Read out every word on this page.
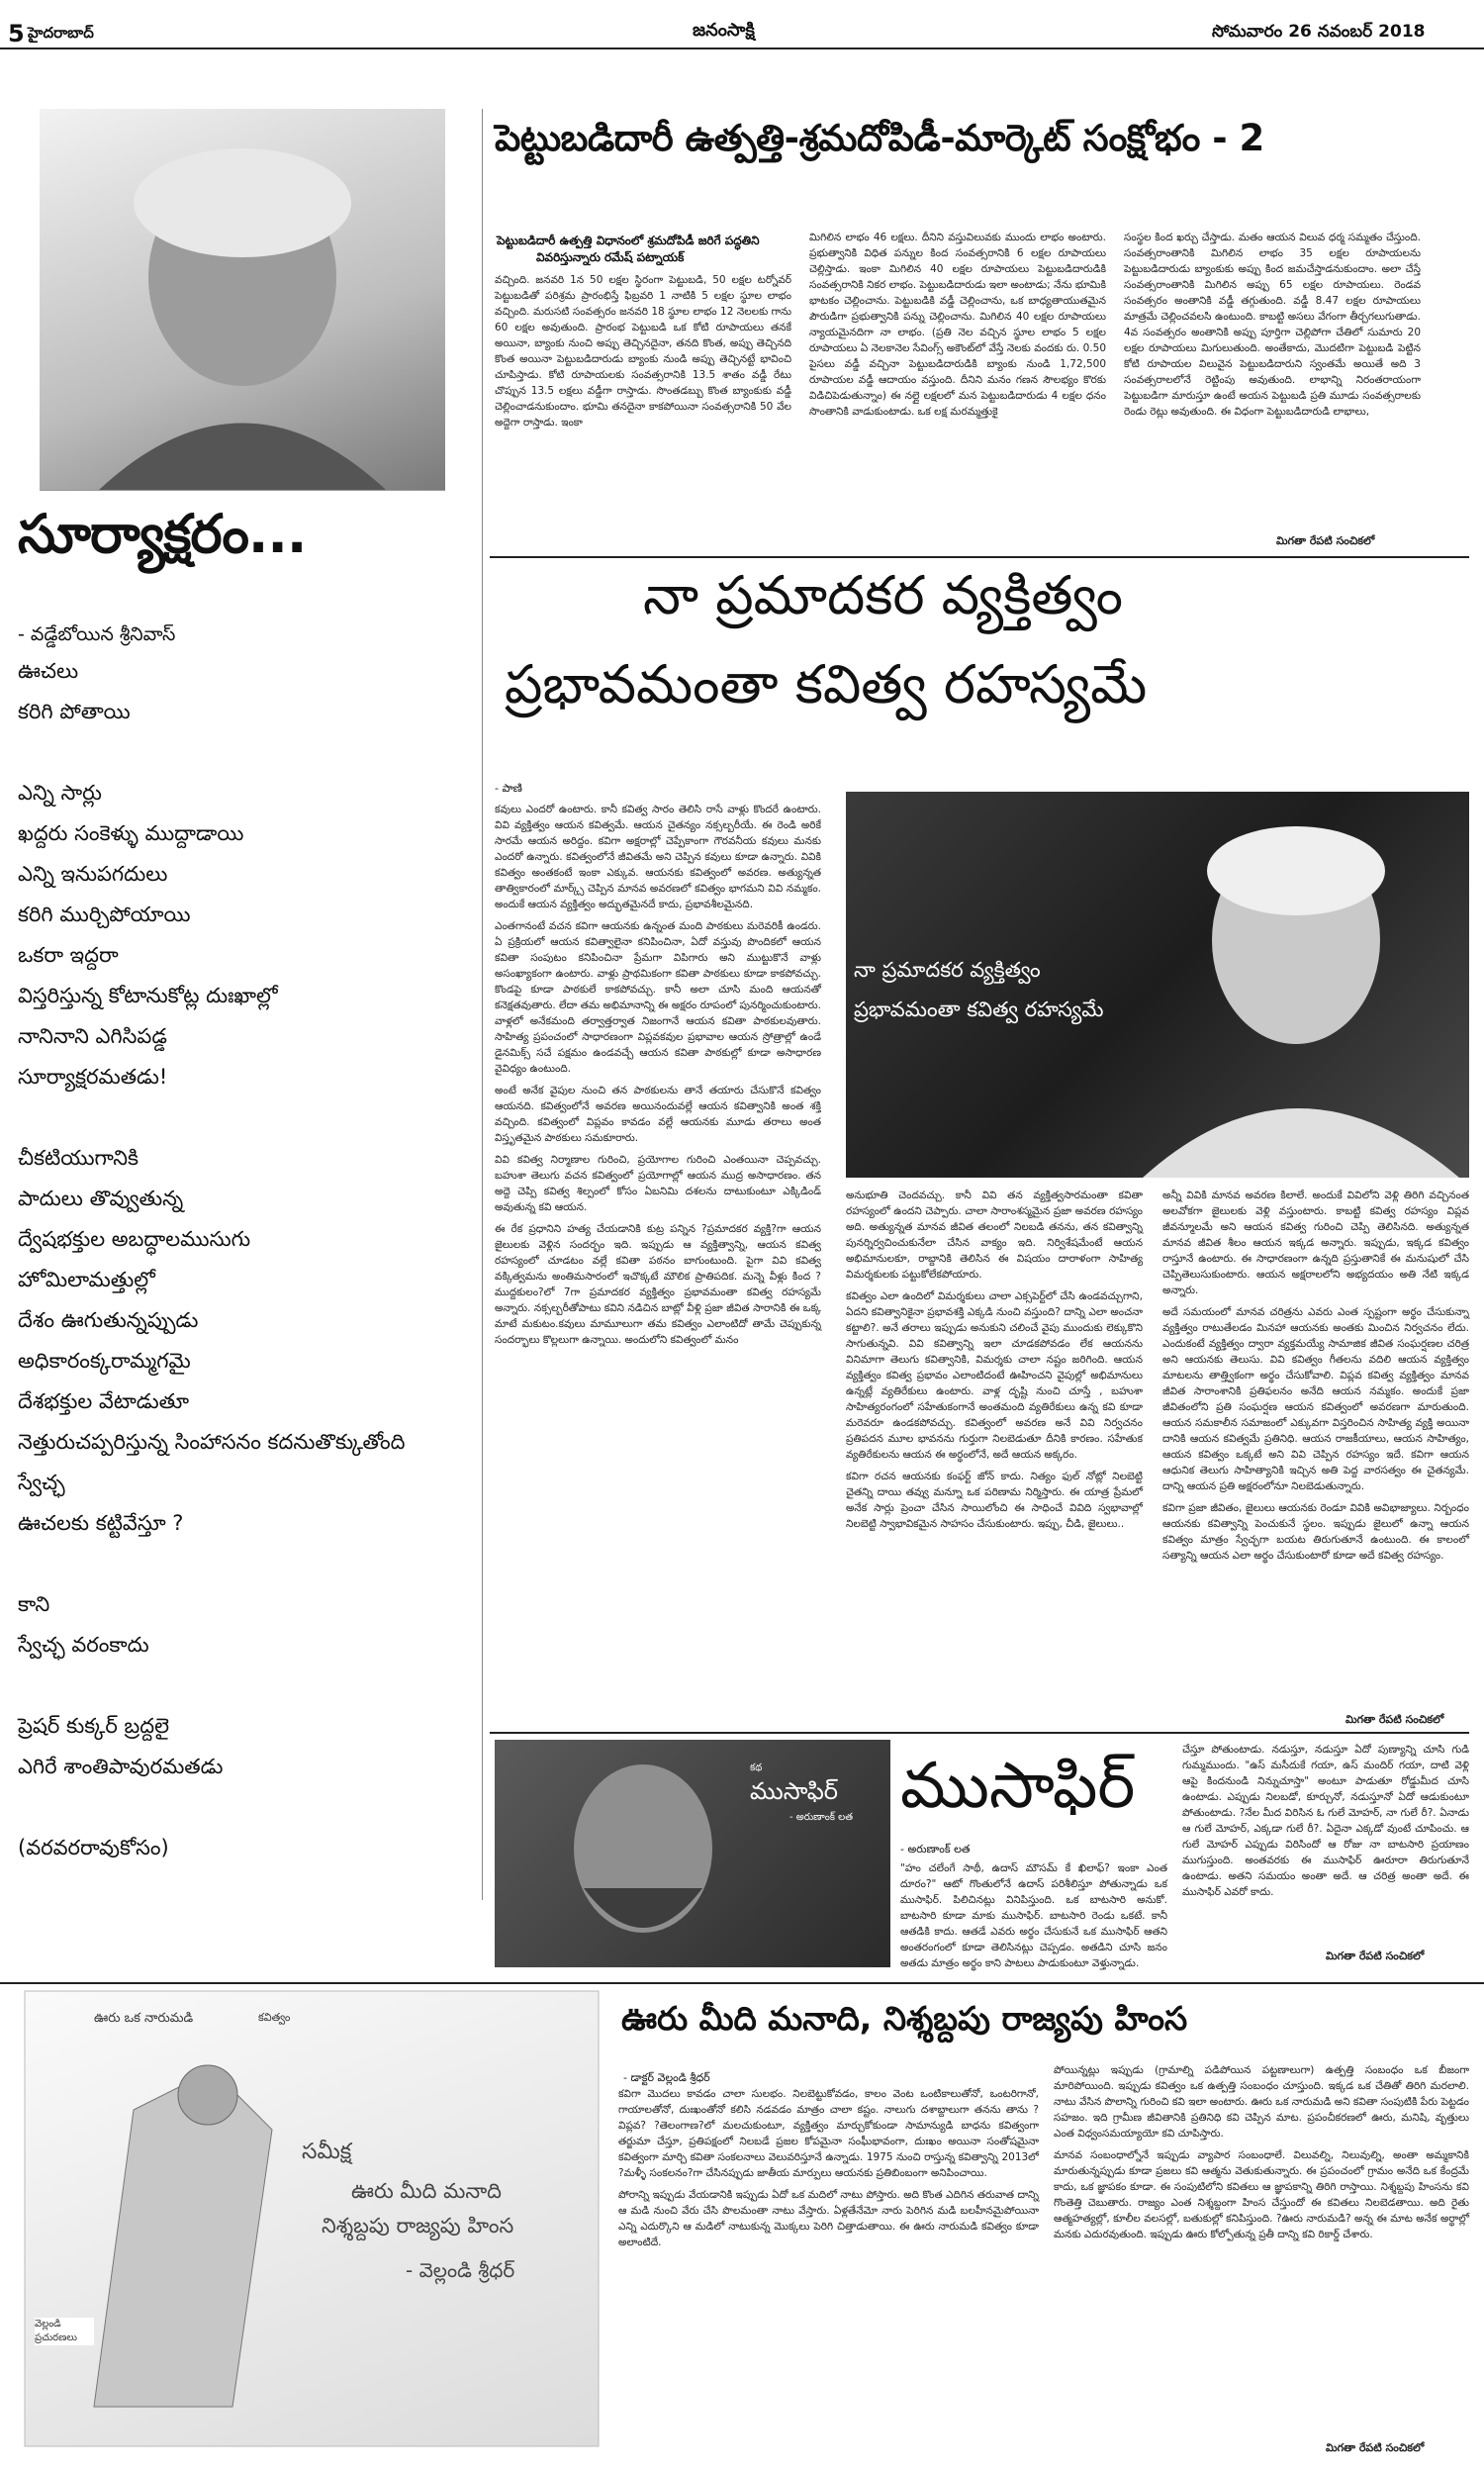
5 హైదరాబాద్	జనంసాక్షి	సోమవారం 26 నవంబర్ 2018
సూర్యాక్షరం...
- వడ్డేబోయిన శ్రీనివాస్
ఊచలు
కరిగి పోతాయి

ఎన్ని సార్లు
ఖద్దరు సంకెళ్ళు ముద్దాడాయి
ఎన్ని ఇనుపగదులు
కరిగి ముర్చిపోయాయి
ఒకరా ఇద్దరా
విస్తరిస్తున్న కోటానుకోట్ల దుఃఖాల్లో
నానినాని ఎగిసిపడ్డ
సూర్యాక్షరమతడు!

చీకటియుగానికి
పాదులు తొవ్వుతున్న
ద్వేషభక్తుల అబద్ధాలముసుగు
హోమిలామత్తుల్లో
దేశం ఊగుతున్నప్పుడు
అధికారంక్కరామ్మగమై
దేశభక్తుల వేటాడుతూ
నెత్తురుచప్పరిస్తున్న సింహాసనం కదనుతొక్కుతోంది
స్వేచ్ఛ
ఊచలకు కట్టివేస్తూ ?

కాని
స్వేచ్ఛ వరంకాదు

ప్రెషర్ కుక్కర్ బ్రద్దలై
ఎగిరే శాంతిపావురమతడు

(వరవరరావుకోసం)
పెట్టుబడిదారీ ఉత్పత్తి-శ్రమదోపిడీ-మార్కెట్ సంక్షోభం - 2
పెట్టుబడిదారీ ఉత్పత్తి విధానంలో శ్రమదోపిడీ జరిగే పద్ధతిని
వివరిస్తున్నారు రమేష్ పట్నాయక్
వచ్చింది. జనవరి 1న 50 లక్షల స్థిరంగా పెట్టుబడి, 50 లక్షల టర్నోవర్ పెట్టుబడితో పరిశ్రమ ప్రారంభిస్తే ఫిబ్రవరి 1 నాటికి 5 లక్షల స్థూల లాభం వచ్చింది. మరుసటి సంవత్సరం జనవరి 18 స్థూల లాభం 12 నెలలకు గాను 60 లక్షల అవుతుంది. ప్రారంభ పెట్టుబడి ఒక కోటి రూపాయలు తనకే అయినా, బ్యాంకు నుంచి అప్పు తెచ్చినదైనా, తనది కొంత, అప్పు తెచ్చినది కొంత అయినా పెట్టుబడిదారుడు బ్యాంకు నుండి అప్పు తెచ్చినట్టే భావించి చూపిస్తాడు. కోటి రూపాయలకు సంవత్సరానికి 13.5 శాతం వడ్డీ రేటు చొప్పున 13.5 లక్షలు వడ్డీగా రాస్తాడు. సొంతడబ్బు కొంత బ్యాంకుకు వడ్డీ చెల్లించాడనుకుందాం. భూమి తనదైనా కాకపోయినా సంవత్సరానికి 50 వేల అద్దెగా రాస్తాడు. ఇంకా
మిగిలిన లాభం 46 లక్షలు. దీనిని వస్తువిలువకు ముందు లాభం అంటారు. ప్రభుత్వానికి విధిత పన్నుల కింద సంవత్సరానికి 6 లక్షల రూపాయలు చెల్లిస్తాడు. ఇంకా మిగిలిన 40 లక్షల రూపాయలు పెట్టుబడిదారుడికి సంవత్సరానికి నికర లాభం. పెట్టుబడిదారుడు ఇలా అంటాడు; నేను భూమికి భాటకం చెల్లించాను. పెట్టుబడికి వడ్డీ చెల్లించాను, ఒక బాధ్యతాయుతమైన పౌరుడిగా ప్రభుత్వానికి పన్ను చెల్లించాను. మిగిలిన 40 లక్షల రూపాయలు న్యాయమైనదిగా నా లాభం. (ప్రతి నెల వచ్చిన స్థూల లాభం 5 లక్షల రూపాయలు ఏ నెలకానెల సేవింగ్స్ అకౌంట్‌లో వేస్తే నెలకు వందకు రు. 0.50 పైసలు వడ్డీ వచ్చినా పెట్టుబడిదారుడికి బ్యాంకు నుండి 1,72,500 రూపాయల వడ్డీ ఆదాయం వస్తుంది. దీనిని మనం గణన సౌలభ్యం కొరకు విడిచిపెడుతున్నాం) ఈ నల్లై లక్షలలో మన పెట్టుబడిదారుడు 4 లక్షల ధనం సొంతానికి వాడుకుంటాడు. ఒక లక్ష మరమ్మత్తుకై
సంస్థల కింద ఖర్చు చేస్తాడు. మతం ఆయన విలువ ధర్మ సమ్మతం చేస్తుంది. సంవత్సరాంతానికి మిగిలిన లాభం 35 లక్షల రూపాయలను పెట్టుబడిదారుడు బ్యాంకుకు అప్పు కింద జమచేస్తాడనుకుందాం. అలా చేస్తే సంవత్సరాంతానికి మిగిలిన అప్పు 65 లక్షల రూపాయలు. రెండవ సంవత్సరం అంతానికి వడ్డీ తగ్గుతుంది. వడ్డీ 8.47 లక్షల రూపాయలు మాత్రమే చెల్లించవలసి ఉంటుంది. కాబట్టి అసలు వేగంగా తీర్చగలుగుతాడు. 4వ సంవత్సరం అంతానికి అప్పు పూర్తిగా చెల్లిపోగా చేతిలో సుమారు 20 లక్షల రూపాయలు మిగులుతుంది. అంతేకాదు, మొదటిగా పెట్టుబడి పెట్టిన కోటి రూపాయల విలువైన పెట్టుబడిదారుని స్వంతమే అయితే అది 3 సంవత్సరాలలోనే రెట్టింపు అవుతుంది. లాభాన్ని నిరంతరాయంగా పెట్టుబడిగా మారుస్తూ ఉంటే అయన పెట్టుబడి ప్రతి మూడు సంవత్సరాలకు రెండు రెట్లు అవుతుంది. ఈ విధంగా పెట్టుబడిదారుడి లాభాలు,
మిగతా రేపటి సంచికలో
నా ప్రమాదకర వ్యక్తిత్వం
ప్రభావమంతా కవిత్వ రహస్యమే
- పాణి
నా ప్రమాదకర వ్యక్తిత్వం
ప్రభావమంతా కవిత్వ రహస్యమే

కవులు ఎందరో ఉంటారు. కానీ కవిత్వ సారం తెలిసి రాసే వాళ్లు కొందరే ఉంటారు. వివి వ్యక్తిత్వం ఆయన కవిత్వమే. ఆయన చైతన్యం నక్సల్బరీయే. ఈ రెండి అరికే సారమే ఆయన అరిద్దం. కవిగా అక్షరాల్లో చెప్పేకాంగా గౌరవనీయ కవులు మనకు ఎందరో ఉన్నారు. కవిత్వంలోనే జీవితమే అని చెప్పిన కవులు కూడా ఉన్నారు. వివికి కవిత్వం అంతకంటే ఇంకా ఎక్కువ. ఆయనకు కవిత్వంలో అవరణ. అత్యున్నత తాత్వికారంలో మార్క్స్ చెప్పిన మానవ అవరణలో కవిత్వం భాగమని వివి నమ్మకం. అందుకే ఆయన వ్యక్తిత్వం అద్భుతమైనదే కాదు, ప్రభావశీలమైనది.

ఎంతగానంటే వచన కవిగా ఆయనకు ఉన్నంత మంది పాఠకులు మరెవరికీ ఉండరు. ఏ ప్రక్రియలో ఆయన కవిత్వాలైనా కనిపించినా, ఏదో వస్తువు పొందికలో ఆయన కవితా సంపుటం కనిపించినా ప్రేమగా విపిగారు అని ముట్టుకొనే వాళ్లు అసంఖ్యాకంగా ఉంటారు. వాళ్లు ప్రాథమికంగా కవితా పాఠకులు కూడా కాకపోవచ్చు. కొండపై కూడా పాఠకులే కాకపోవచ్చు. కానీ అలా చూసి మంది ఆయనతో కనెక్షతవుతారు. లేదా తమ అభిమానాన్ని ఈ అక్షరం రూపంలో పునర్మించుకుంటారు. వాళ్లలో అనేకమంది తర్వాత్తర్వాత నిజంగానే ఆయన కవితా పాఠకులవుతారు. సాహిత్య ప్రపంచంలో సాధారణంగా విప్లవకవుల ప్రభావాల ఆయన స్రోత్రాల్లో ఉండే డైనమిక్స్ సచే పక్షమం ఉండవచ్చే ఆయన కవితా పాఠకుల్లో కూడా అసాధారణ వైవిధ్యం ఉంటుంది.

అంటే అనేక వైపుల నుంచి తన పాఠకులను తానే తయారు చేసుకొనే కవిత్వం ఆయనది. కవిత్వంలోనే అవరణ అయినందువల్లే ఆయన కవిత్వానికి అంత శక్తి వచ్చింది. కవిత్వంలో విప్లవం కావడం వల్లే ఆయనకు మూడు తరాలు అంత విస్తృతమైన పాఠకులు సమకూరారు.

వివి కవిత్వ నిర్మాణాల గురించి, ప్రయోగాల గురించి ఎంతయినా చెప్పవచ్చు. బహుశా తెలుగు వచన కవిత్వంలో ప్రయోగాల్లో ఆయన ముద్ర అసాధారణం. తన అద్దె చెప్పి కవిత్వ శిల్పంలో కోసం ఏబనిమి దశలను దాటుకుంటూ ఎక్కిడిండ్ అవుతున్న కవి ఆయన.

ఈ రేక ప్రధానిని హత్య చేయడానికి కుట్ర పన్నిన ?ప్రమాదకర వ్యక్తి?గా ఆయన జైలులకు వెళ్లిన సందర్భం ఇది. ఇప్పుడు ఆ వ్యక్తిత్వాన్ని, ఆయన కవిత్వ రహస్యంలో చూడటం వల్లే కవితా పఠనం బాగుంటుంది. పైగా వివి కవిత్వ వక్కిత్వమను అంతిమసారంలో ఇచొక్కటే మౌలిక ప్రాతిపదిక. మన్నె వీళ్లు కింద ?ముద్దకులం?లో 7గా ప్రమాదకర వ్యక్తిత్వం ప్రభావమంతా కవిత్వ రహస్యమే అన్నారు. నక్సల్బరీతోపాటు కవిని నడిచిన బాట్లో వీళ్లి ప్రజా జీవిత సారానికి ఈ ఒక్క మాటే మకుటం.కవులు మామూలుగా తమ కవిత్వం ఎలాంటిదో తామే చెప్పుకున్న సందర్భాలు కొల్లలుగా ఉన్నాయి. అందులోని కవిత్వంలో మనం

అనుభూతి చెందవచ్చు. కానీ వివి తన వ్యక్తిత్వసారమంతా కవితా రహస్యంలో ఉందని చెప్పారు. చాలా సారాంశస్మమైన ప్రజా అవరణ రహస్యం అది. అత్యున్నత మానవ జీవిత తలంలో నిలబడి తనను, తన కవిత్వాన్ని పునర్నిర్వచించుకునేలా చేసిన వాక్యం ఇది. నిర్విశేషమేంటే ఆయన అభిమానులకూ, రాబ్దానికి తెలిసిన ఈ విషయం దారాళంగా సాహిత్య విమర్శకులకు పట్టుకోలేకపోయారు.

కవిత్వం ఎలా ఉందిలో విమర్శకులు చాలా ఎక్సపెర్ట్‌లో చేసి ఉండవచ్చుగాని, ఏదని కవిత్వానికైనా ప్రభావశక్తి ఎక్కడి నుంచి వస్తుంది? దాన్ని ఎలా అంచనా కట్టాలి?. అనే తరాలు ఇప్పుడు అనుకుని చలించే వైపు ముందుకు లెక్కుకొని సాగుతున్నవి. వివి కవిత్వాన్ని ఇలా చూడకపోవడం లేక ఆయనను వినిమాగా తెలుగు కవిత్వానికి, విమర్శకు చాలా నష్టం జరిగింది. ఆయన వ్యక్తిత్వం కవిత్వ ప్రభావం ఎలాంటిదంటే ఊహించని వైపుల్లో అభిమానులు ఉన్నట్లే వ్యతిరేకులు ఉంటారు. వాళ్ల దృష్టి నుంచి చూస్తే , బహుశా సాహిత్యరంగంలో సహేతుకంగానే అంతమంది వ్యతిరేకులు ఉన్న కవి కూడా మరెవరూ ఉండకపోవచ్చు. కవిత్వంలో అవరణ అనే వివి నిర్వచనం ప్రతిపదన మూల భావనను గుర్తుగా నిలబెడుతూ దీనికి కారణం. సహేతుక వ్యతిరేకులను ఆయన ఈ అర్థంలోనే, అదే ఆయన అక్కరం.

కవిగా రచన ఆయనకు కంఫర్ట్ జోన్ కాదు. నిత్యం ఫుల్ నోట్లో నిలబెట్టి చైతన్ని దాయి తవ్వు మన్నూ ఒక పరిణామ నిర్మిస్తారు. ఈ యాత్ర ప్రేమలో అనేక సార్లు ప్రెంచా చేసిన సాయిలోంచి ఈ సాధించే వివిది స్వభావాల్లో నిలబెట్టి స్వాభావికమైన సాహసం చేసుకుంటారు. ఇప్పు, చీడి, జైలులు..

అన్నీ వివికి మానవ అవరణ కిలాలే. అందుకే వివిలోని వెళ్లి తిరిగి వచ్చినంత అలవోకగా జైలులకు వెళ్లి వస్తుంటారు. కాబట్టి కవిత్వ రహస్యం విప్లవ జీవన్మూలమే అని ఆయన కవిత్వ గురించి చెప్పి తెలిసినది. అత్యున్నత మానవ జీవిత శీలం ఆయన ఇక్కడ అన్నారు. ఇప్పుడు, ఇక్కడ కవిత్వం రాస్తూనే ఉంటారు. ఈ సాధారణంగా ఉన్నది ప్రస్తుతానికే ఈ మనుషులో చేసి చెప్పితెలుసుకుంటారు. ఆయన అక్షరాలలోని అభ్యదయం అతి నేటి ఇక్కడ అన్నారు.

అదే సమయంలో మానవ చరిత్రను ఎవరు ఎంత స్పష్టంగా అర్థం చేసుకున్నా వ్యక్తిత్వం రాటుతేలడం మినహా ఆయనకు అంతకు మించిన నిర్వచనం లేదు. ఎందుకంటే వ్యక్తిత్వం ద్వారా వ్యక్తమయ్యే సామాజిక జీవిత సంఘర్షణల చరిత్ర అని ఆయనకు తెలుసు. వివి కవిత్వం గీతలను వదిలి ఆయన వ్యక్తిత్వం మాటలను తాత్త్వికంగా అర్థం చేసుకోవాలి. విప్లవ కవిత్వ వ్యక్తిత్వం మానవ జీవిత సారాంశానికి ప్రతిఫలనం అనేది ఆయన నమ్మకం. అందుకే ప్రజా జీవితంలోని ప్రతి సంఘర్షణ ఆయన కవిత్వంలో అవరణగా మారుతుంది. ఆయన సమకాలీన సమాజంలో ఎక్కువగా విస్తరించిన సాహిత్య వ్యక్తి అయినా దానికి ఆయన కవిత్వమే ప్రతినిధి. ఆయన రాజకీయాలు, ఆయన సాహిత్యం, ఆయన కవిత్వం ఒక్కటే అని వివి చెప్పిన రహస్యం ఇదే. కవిగా ఆయన ఆధునిక తెలుగు సాహిత్యానికి ఇచ్చిన అతి పెద్ద వారసత్వం ఈ చైతన్యమే. దాన్ని ఆయన ప్రతి అక్షరంలోనూ నిలబెడుతున్నారు.

కవిగా ప్రజా జీవితం, జైలులు ఆయనకు రెండూ వివికి అవిభాజ్యాలు. నిర్బంధం ఆయనకు కవిత్వాన్ని పెంచుకునే స్థలం. ఇప్పుడు జైలులో ఉన్నా ఆయన కవిత్వం మాత్రం స్వేచ్ఛగా బయట తిరుగుతూనే ఉంటుంది. ఈ కాలంలో సత్యాన్ని ఆయన ఎలా అర్థం చేసుకుంటారో కూడా అదే కవిత్వ రహస్యం.

మిగతా రేపటి సంచికలో
కథ
ముసాఫిర్
- అరుణాంక్ లత ముసాఫిర్
- అరుణాంక్ లత
"హం చలేంగే సాథీ, ఉదాస్ మౌసమ్ కే ఖిలాఫ్? ఇంకా ఎంత దూరం?" ఆటో గొంతులోనే ఉదాస్ పరిశీలిస్తూ పోతున్నాడు ఒక ముసాఫిర్. పిలిచినట్లు వినిపిస్తుంది. ఒక బాటసారి అనుకో. బాటసారి కూడా మాకు ముసాఫిర్. బాటసారి రెండు ఒకటే. కానీ ఆతడికి కాదు. ఆతడే ఎవరు అర్థం చేసుకునే ఒక ముసాఫిర్ ఆతని అంతరంగంలో కూడా తెలిసినట్లు చెప్పడం. అతడిని చూసి జనం అతడు మాత్రం అర్థం కాని పాటలు పాడుకుంటూ వెళ్తున్నాడు.
చేస్తూ పోతుంటాడు. నడుస్తూ, నడుస్తూ ఏదో పుణ్యాన్ని చూసి గుడి గుమ్మముందు. "ఉస్ మసీదుకే గయా, ఉస్ మందిర్ గయా, దాటి వెళ్లి ఆపై కిందనుండి నిన్నుచూస్తా" అంటూ పాడుతూ రోడ్డుమీద చూసి ఉంటాడు. ఎప్పుడు నిలబడో, కూర్చునో, నడుస్తూనో ఏదో ఆడుకుంటూ పోతుంటాడు. ?నేల మీద విరిసిన ఓ గులే మోహర్, నా గులే రీ?. ఏనాడు ఆ గులే మోహర్, ఎక్కడా గులే రీ?. ఏదైనా ఎక్కడో వుంటే చూపించు. ఆ గులే మోహర్ ఎప్పుడు విరిసిందో ఆ రోజు నా బాటసారి ప్రయాణం ముగుస్తుంది. అంతవరకు ఈ ముసాఫిర్ ఊరూరా తిరుగుతూనే ఉంటాడు. అతని సమయం అంతా అదే. ఆ చరిత్ర అంతా అదే. ఈ ముసాఫిర్ ఎవరో కాదు.
మిగతా రేపటి సంచికలో
ఊరు ఒక నారుమడి	కవిత్వం
వెల్లండి ప్రచురణలు
సమీక్ష
ఊరు మీది మనాది
నిశ్శబ్దపు రాజ్యపు హింస
- వెల్లండి శ్రీధర్
ఊరు మీది మనాది, నిశ్శబ్దపు రాజ్యపు హింస
- డాక్టర్ వెల్లండి శ్రీధర్

కవిగా మొదలు కావడం చాలా సులభం. నిలబెట్టుకోవడం, కాలం వెంట ఒంటికాలుతోనో, ఒంటరిగానో, గాయాలతోనో, దుఃఖంతోనో కలిసి నడవడం మాత్రం చాలా కష్టం. నాలుగు దశాబ్దాలుగా తనను తాను ?విప్లవ? ?తెలంగాణ?లో మలచుకుంటూ, వ్యక్తిత్వం మార్చుకోకుండా సామాన్యుడి బాధను కవిత్వంగా తర్జుమా చేస్తూ, ప్రతిపక్షంలో నిలబడే ప్రజల కోపమైనా సంఘీభావంగా, దుఃఖం అయినా సంతోషమైనా కవిత్వంగా మార్చి కవితా సంకలనాలు వెలువరిస్తూనే ఉన్నాడు. 1975 నుంచి రాస్తున్న కవిత్వాన్ని 2013లో ?మళ్ళీ సంకలనం?గా చేసినప్పుడు జాతీయ మార్పులు ఆయనకు ప్రతిబింబంగా అనిపించాయి.

పోరాన్ని ఇప్పుడు వేయడానికి ఇప్పుడు ఏదో ఒక మదిలో నాటు పోస్తారు. అది కొంత ఎదిగిన తరువాత దాన్ని ఆ మడి నుంచి వేరు చేసి పొలమంతా నాటు వేస్తారు. ఏళ్లతేనేమో నారు పెరిగిన మడి బలహీనమైపోయినా ఎన్ని ఎదుర్కొని ఆ మడిలో నాటుకున్న మొక్కలు పెరిగి చిత్తాడుతాయి. ఈ ఊరు నారుమడి కవిత్వం కూడా అలాంటిదే.

పోయిన్నట్లు ఇప్పుడు (గ్రామాల్ని పడిపోయిన పట్టణాలుగా) ఉత్పత్తి సంబంధం ఒక బీజంగా మారిపోయింది. ఇప్పుడు కవిత్వం ఒక ఉత్పత్తి సంబంధం చూస్తుంది. ఇక్కడ ఒక చేతితో తిరిగి మరలాలి. నాటు వేసిన పొలాన్ని గురించి కవి ఇలా అంటారు. ఊరు ఒక నారుమడి అని కవితా సంపుటికి పేరు పెట్టడం సహజం. ఇది గ్రామీణ జీవితానికి ప్రతినిధి కవి చెప్పిన మాట. ప్రపంచీకరణలో ఊరు, మనిషి, వృత్తులు ఎంత విధ్వంసమయ్యాయో కవి చూపిస్తారు.

మానవ సంబంధాల్నోనే ఇప్పుడు వ్యాపార సంబంధాలే. విలువల్ని, నిలువుల్ని, అంతా అమ్మకానికి మారుతున్నప్పుడు కూడా ప్రజలు కవి ఆత్మను వెతుకుతున్నారు. ఈ ప్రపంచంలో గ్రామం అనేది ఒక కేంద్రమే కాదు, ఒక జ్ఞాపకం కూడా. ఈ సంపుటిలోని కవితలు ఆ జ్ఞాపకాన్ని తిరిగి రాస్తాయి. నిశ్శబ్దపు హింసను కవి గొంతెత్తి చెబుతారు. రాజ్యం ఎంత నిశ్శబ్దంగా హింస చేస్తుందో ఈ కవితలు నిలబెడతాయి. అది రైతు ఆత్మహత్యల్లో, కూలీల వలసల్లో, బతుకుల్లో కనిపిస్తుంది. ?ఊరు నారుమడి? అన్న ఈ మాట అనేక అర్థాల్లో మనకు ఎదురవుతుంది. ఇప్పుడు ఊరు కోల్పోతున్న ప్రతీ దాన్ని కవి రికార్డ్ చేశారు.

మిగతా రేపటి సంచికలో
